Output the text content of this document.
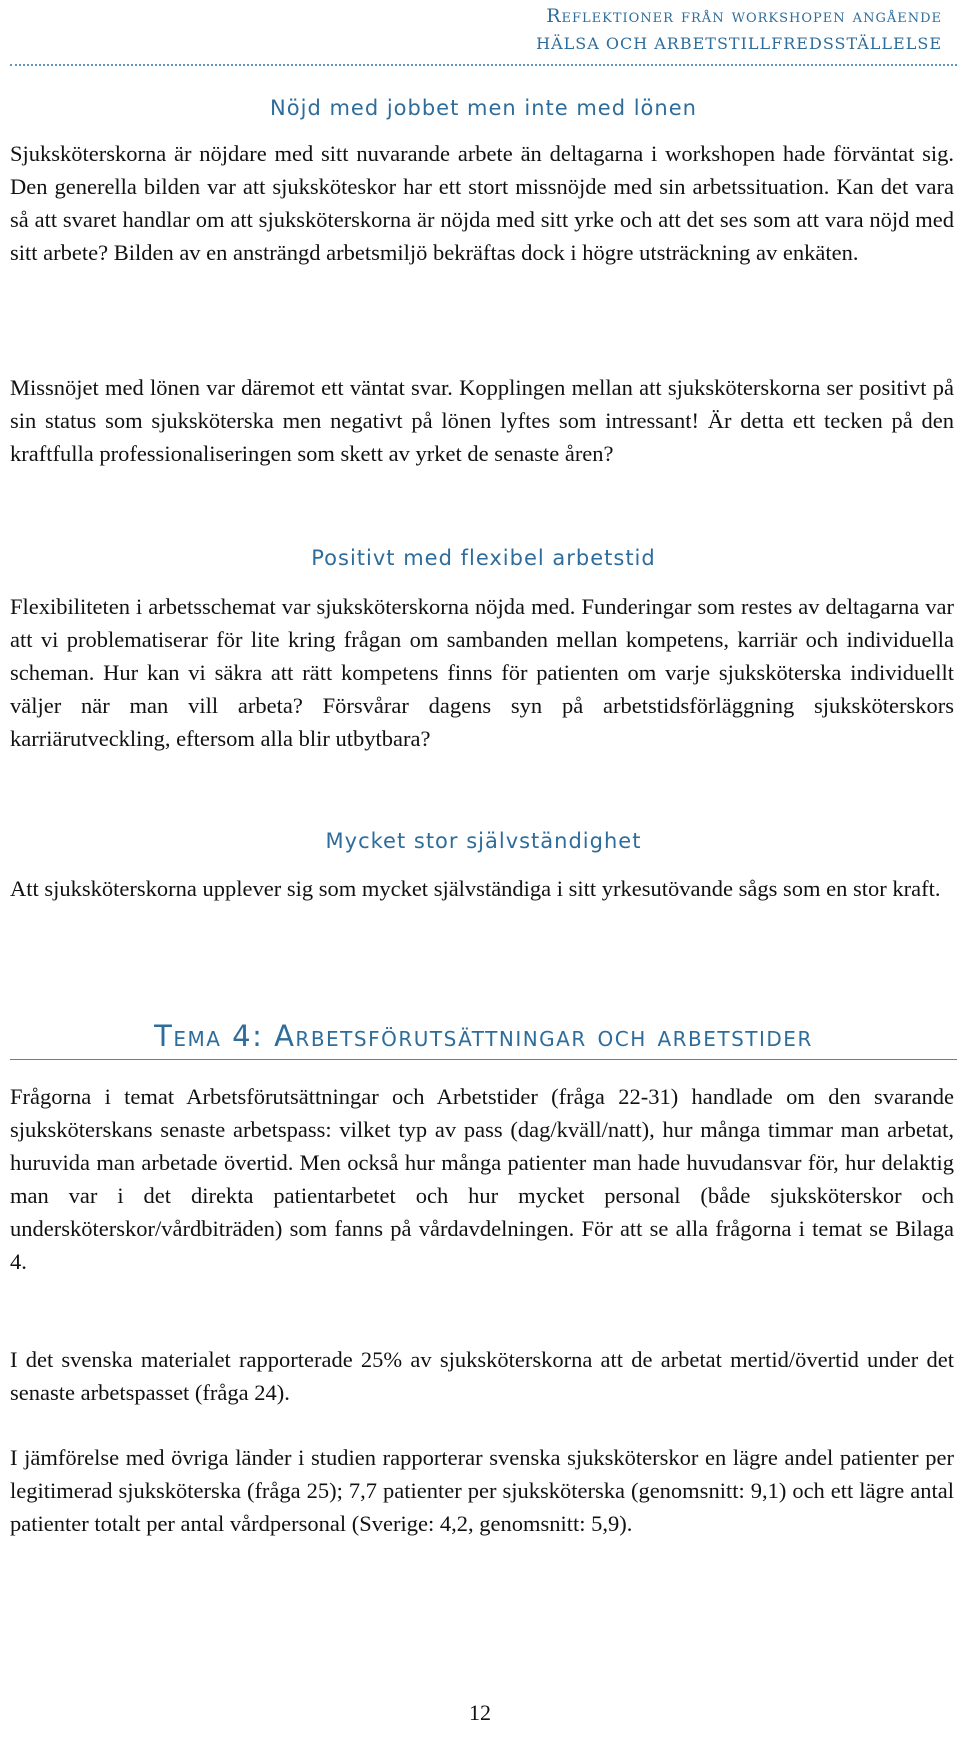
Reflektioner från workshopen angående
HÄLSA OCH ARBETSTILLFREDSSTÄLLELSE
Nöjd med jobbet men inte med lönen

Sjuksköterskorna är nöjdare med sitt nuvarande arbete än deltagarna i workshopen hade förväntat sig. Den generella bilden var att sjuksköteskor har ett stort missnöjde med sin arbetssituation. Kan det vara så att svaret handlar om att sjuksköterskorna är nöjda med sitt yrke och att det ses som att vara nöjd med sitt arbete? Bilden av en ansträngd arbetsmiljö bekräftas dock i högre utsträckning av enkäten.

Missnöjet med lönen var däremot ett väntat svar. Kopplingen mellan att sjuksköterskorna ser positivt på sin status som sjuksköterska men negativt på lönen lyftes som intressant! Är detta ett tecken på den kraftfulla professionaliseringen som skett av yrket de senaste åren?

Positivt med flexibel arbetstid

Flexibiliteten i arbetsschemat var sjuksköterskorna nöjda med. Funderingar som restes av deltagarna var att vi problematiserar för lite kring frågan om sambanden mellan kompetens, karriär och individuella scheman. Hur kan vi säkra att rätt kompetens finns för patienten om varje sjuksköterska individuellt väljer när man vill arbeta? Försvårar dagens syn på arbetstidsförläggning sjuksköterskors karriärutveckling, eftersom alla blir utbytbara?

Mycket stor självständighet

Att sjuksköterskorna upplever sig som mycket självständiga i sitt yrkesutövande sågs som en stor kraft.

Tema 4: Arbetsförutsättningar och arbetstider

Frågorna i temat Arbetsförutsättningar och Arbetstider (fråga 22-31) handlade om den svarande sjuksköterskans senaste arbetspass: vilket typ av pass (dag/kväll/natt), hur många timmar man arbetat, huruvida man arbetade övertid. Men också hur många patienter man hade huvudansvar för, hur delaktig man var i det direkta patientarbetet och hur mycket personal (både sjuksköterskor och undersköterskor/vårdbiträden) som fanns på vårdavdelningen. För att se alla frågorna i temat se Bilaga 4.

I det svenska materialet rapporterade 25% av sjuksköterskorna att de arbetat mertid/övertid under det senaste arbetspasset (fråga 24).

I jämförelse med övriga länder i studien rapporterar svenska sjuksköterskor en lägre andel patienter per legitimerad sjuksköterska (fråga 25); 7,7 patienter per sjuksköterska (genomsnitt: 9,1) och ett lägre antal patienter totalt per antal vårdpersonal (Sverige: 4,2, genomsnitt: 5,9).

12
